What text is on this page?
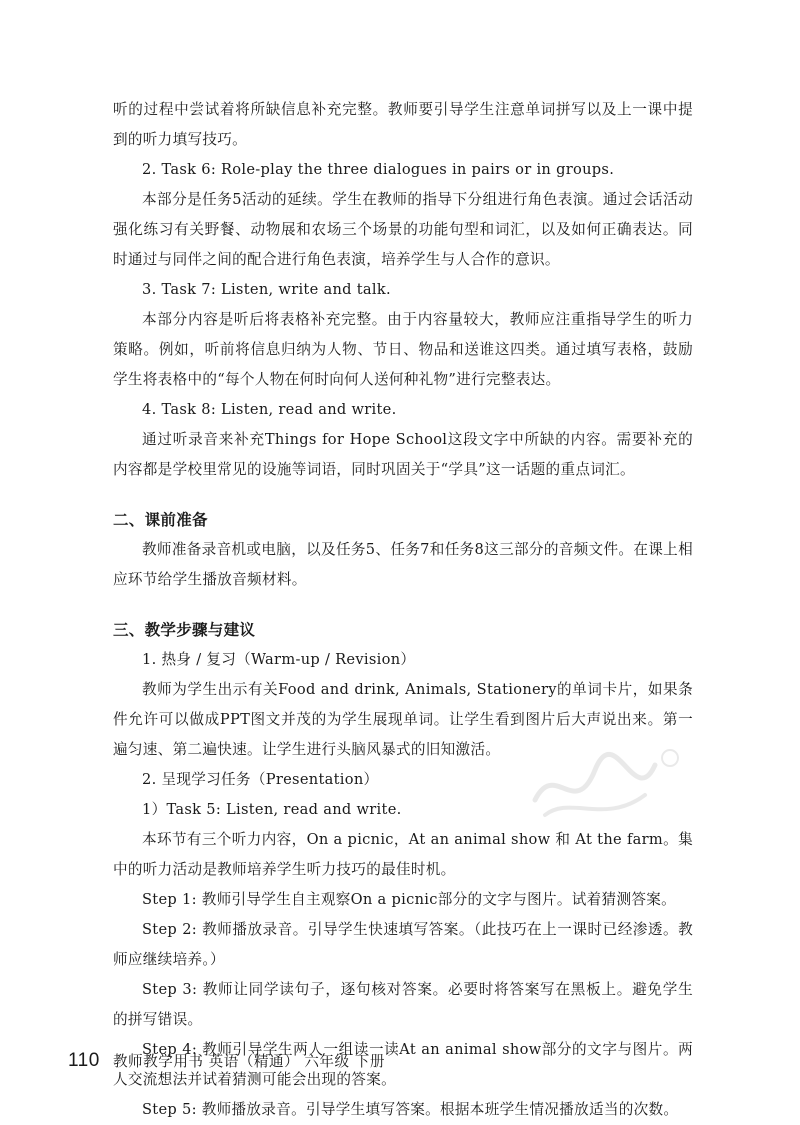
听的过程中尝试着将所缺信息补充完整。教师要引导学生注意单词拼写以及上一课中提到的听力填写技巧。

2. Task 6: Role-play the three dialogues in pairs or in groups.

本部分是任务5活动的延续。学生在教师的指导下分组进行角色表演。通过会话活动强化练习有关野餐、动物展和农场三个场景的功能句型和词汇，以及如何正确表达。同时通过与同伴之间的配合进行角色表演，培养学生与人合作的意识。

3. Task 7: Listen, write and talk.

本部分内容是听后将表格补充完整。由于内容量较大，教师应注重指导学生的听力策略。例如，听前将信息归纳为人物、节日、物品和送谁这四类。通过填写表格，鼓励学生将表格中的“每个人物在何时向何人送何种礼物”进行完整表达。

4. Task 8: Listen, read and write.

通过听录音来补充Things for Hope School这段文字中所缺的内容。需要补充的内容都是学校里常见的设施等词语，同时巩固关于“学具”这一话题的重点词汇。

二、课前准备

教师准备录音机或电脑，以及任务5、任务7和任务8这三部分的音频文件。在课上相应环节给学生播放音频材料。

三、教学步骤与建议

1. 热身 / 复习（Warm-up / Revision）

教师为学生出示有关Food and drink, Animals, Stationery的单词卡片，如果条件允许可以做成PPT图文并茂的为学生展现单词。让学生看到图片后大声说出来。第一遍匀速、第二遍快速。让学生进行头脑风暴式的旧知激活。

2. 呈现学习任务（Presentation）

1）Task 5: Listen, read and write.

本环节有三个听力内容，On a picnic，At an animal show 和 At the farm。集中的听力活动是教师培养学生听力技巧的最佳时机。

Step 1: 教师引导学生自主观察On a picnic部分的文字与图片。试着猜测答案。

Step 2: 教师播放录音。引导学生快速填写答案。（此技巧在上一课时已经渗透。教师应继续培养。）

Step 3: 教师让同学读句子，逐句核对答案。必要时将答案写在黑板上。避免学生的拼写错误。

Step 4: 教师引导学生两人一组读一读At an animal show部分的文字与图片。两人交流想法并试着猜测可能会出现的答案。

Step 5: 教师播放录音。引导学生填写答案。根据本班学生情况播放适当的次数。

110 教师教学用书 英语（精通） 六年级 下册
